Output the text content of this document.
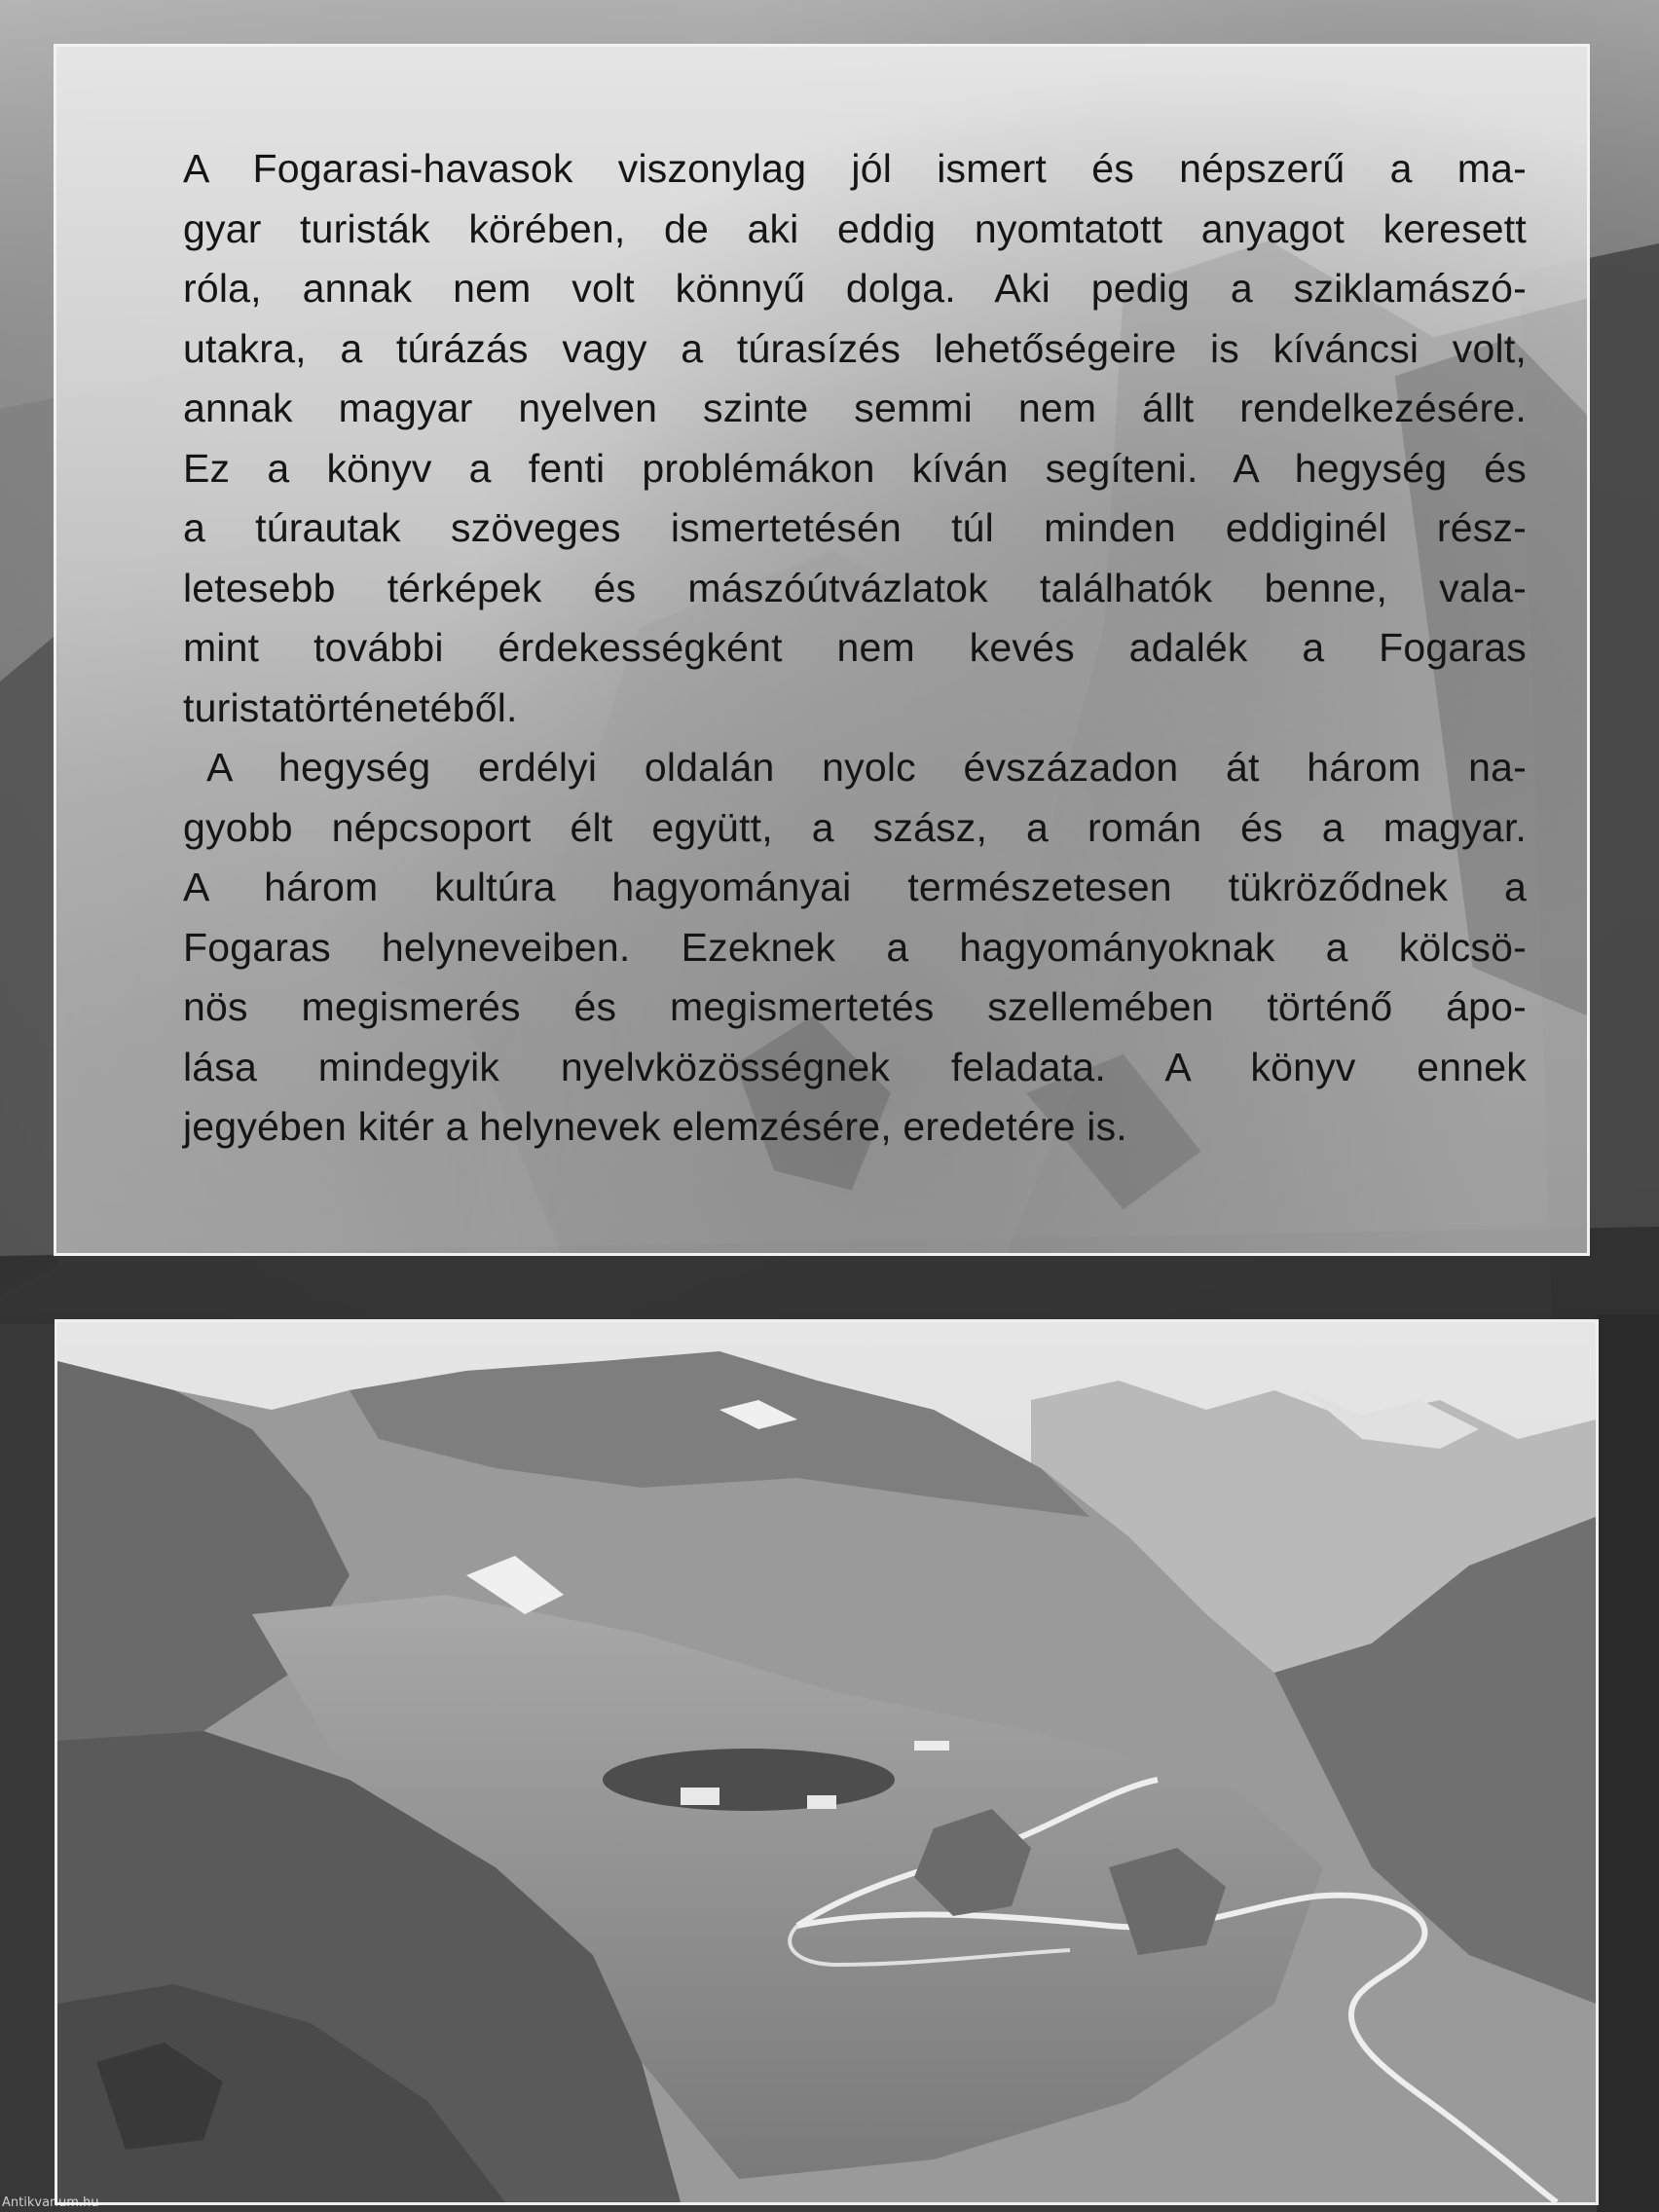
A Fogarasi-havasok viszonylag jól ismert és népszerű a ma-
gyar turisták körében, de aki eddig nyomtatott anyagot keresett
róla, annak nem volt könnyű dolga. Aki pedig a sziklamászó-
utakra, a túrázás vagy a túrasízés lehetőségeire is kíváncsi volt,
annak magyar nyelven szinte semmi nem állt rendelkezésére.
Ez a könyv a fenti problémákon kíván segíteni. A hegység és
a túrautak szöveges ismertetésén túl minden eddiginél rész-
letesebb térképek és mászóútvázlatok találhatók benne, vala-
mint további érdekességként nem kevés adalék a Fogaras
turistatörténetéből.
A hegység erdélyi oldalán nyolc évszázadon át három na-
gyobb népcsoport élt együtt, a szász, a román és a magyar.
A három kultúra hagyományai természetesen tükröződnek a
Fogaras helyneveiben. Ezeknek a hagyományoknak a kölcsö-
nös megismerés és megismertetés szellemében történő ápo-
lása mindegyik nyelvközösségnek feladata. A könyv ennek
jegyében kitér a helynevek elemzésére, eredetére is.
Antikvarium.hu
